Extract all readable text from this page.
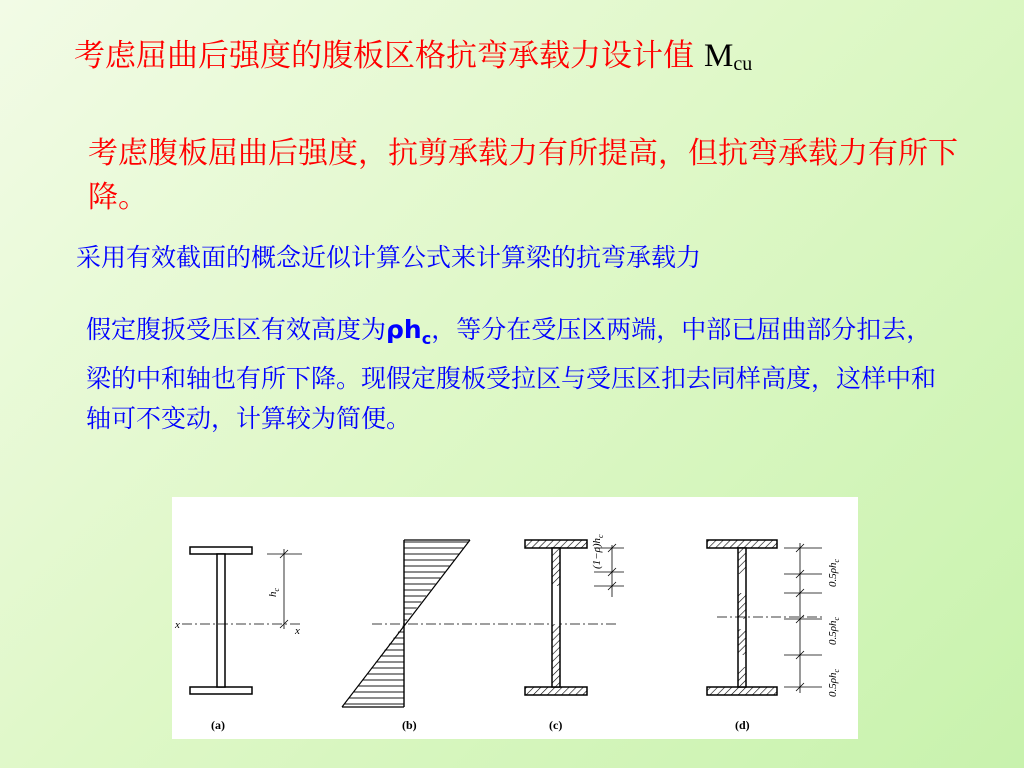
考虑屈曲后强度的腹板区格抗弯承载力设计值 $M_{cu}$

考虑腹板屈曲后强度，抗剪承载力有所提高，但抗弯承载力有所下降。

采用有效截面的概念近似计算公式来计算梁的抗弯承载力

假定腹扳受压区有效高度为$\rho h_c$，等分在受压区两端，中部已屈曲部分扣去，梁的中和轴也有所下降。现假定腹板受拉区与受压区扣去同样高度，这样中和轴可不变动，计算较为简便。

x	x
$h_c$
(a)	(b)
$(1-\rho)h_c$
(c)
$0.5\rho h_c$
$0.5\rho h_c$
$0.5\rho h_c$
(d)
